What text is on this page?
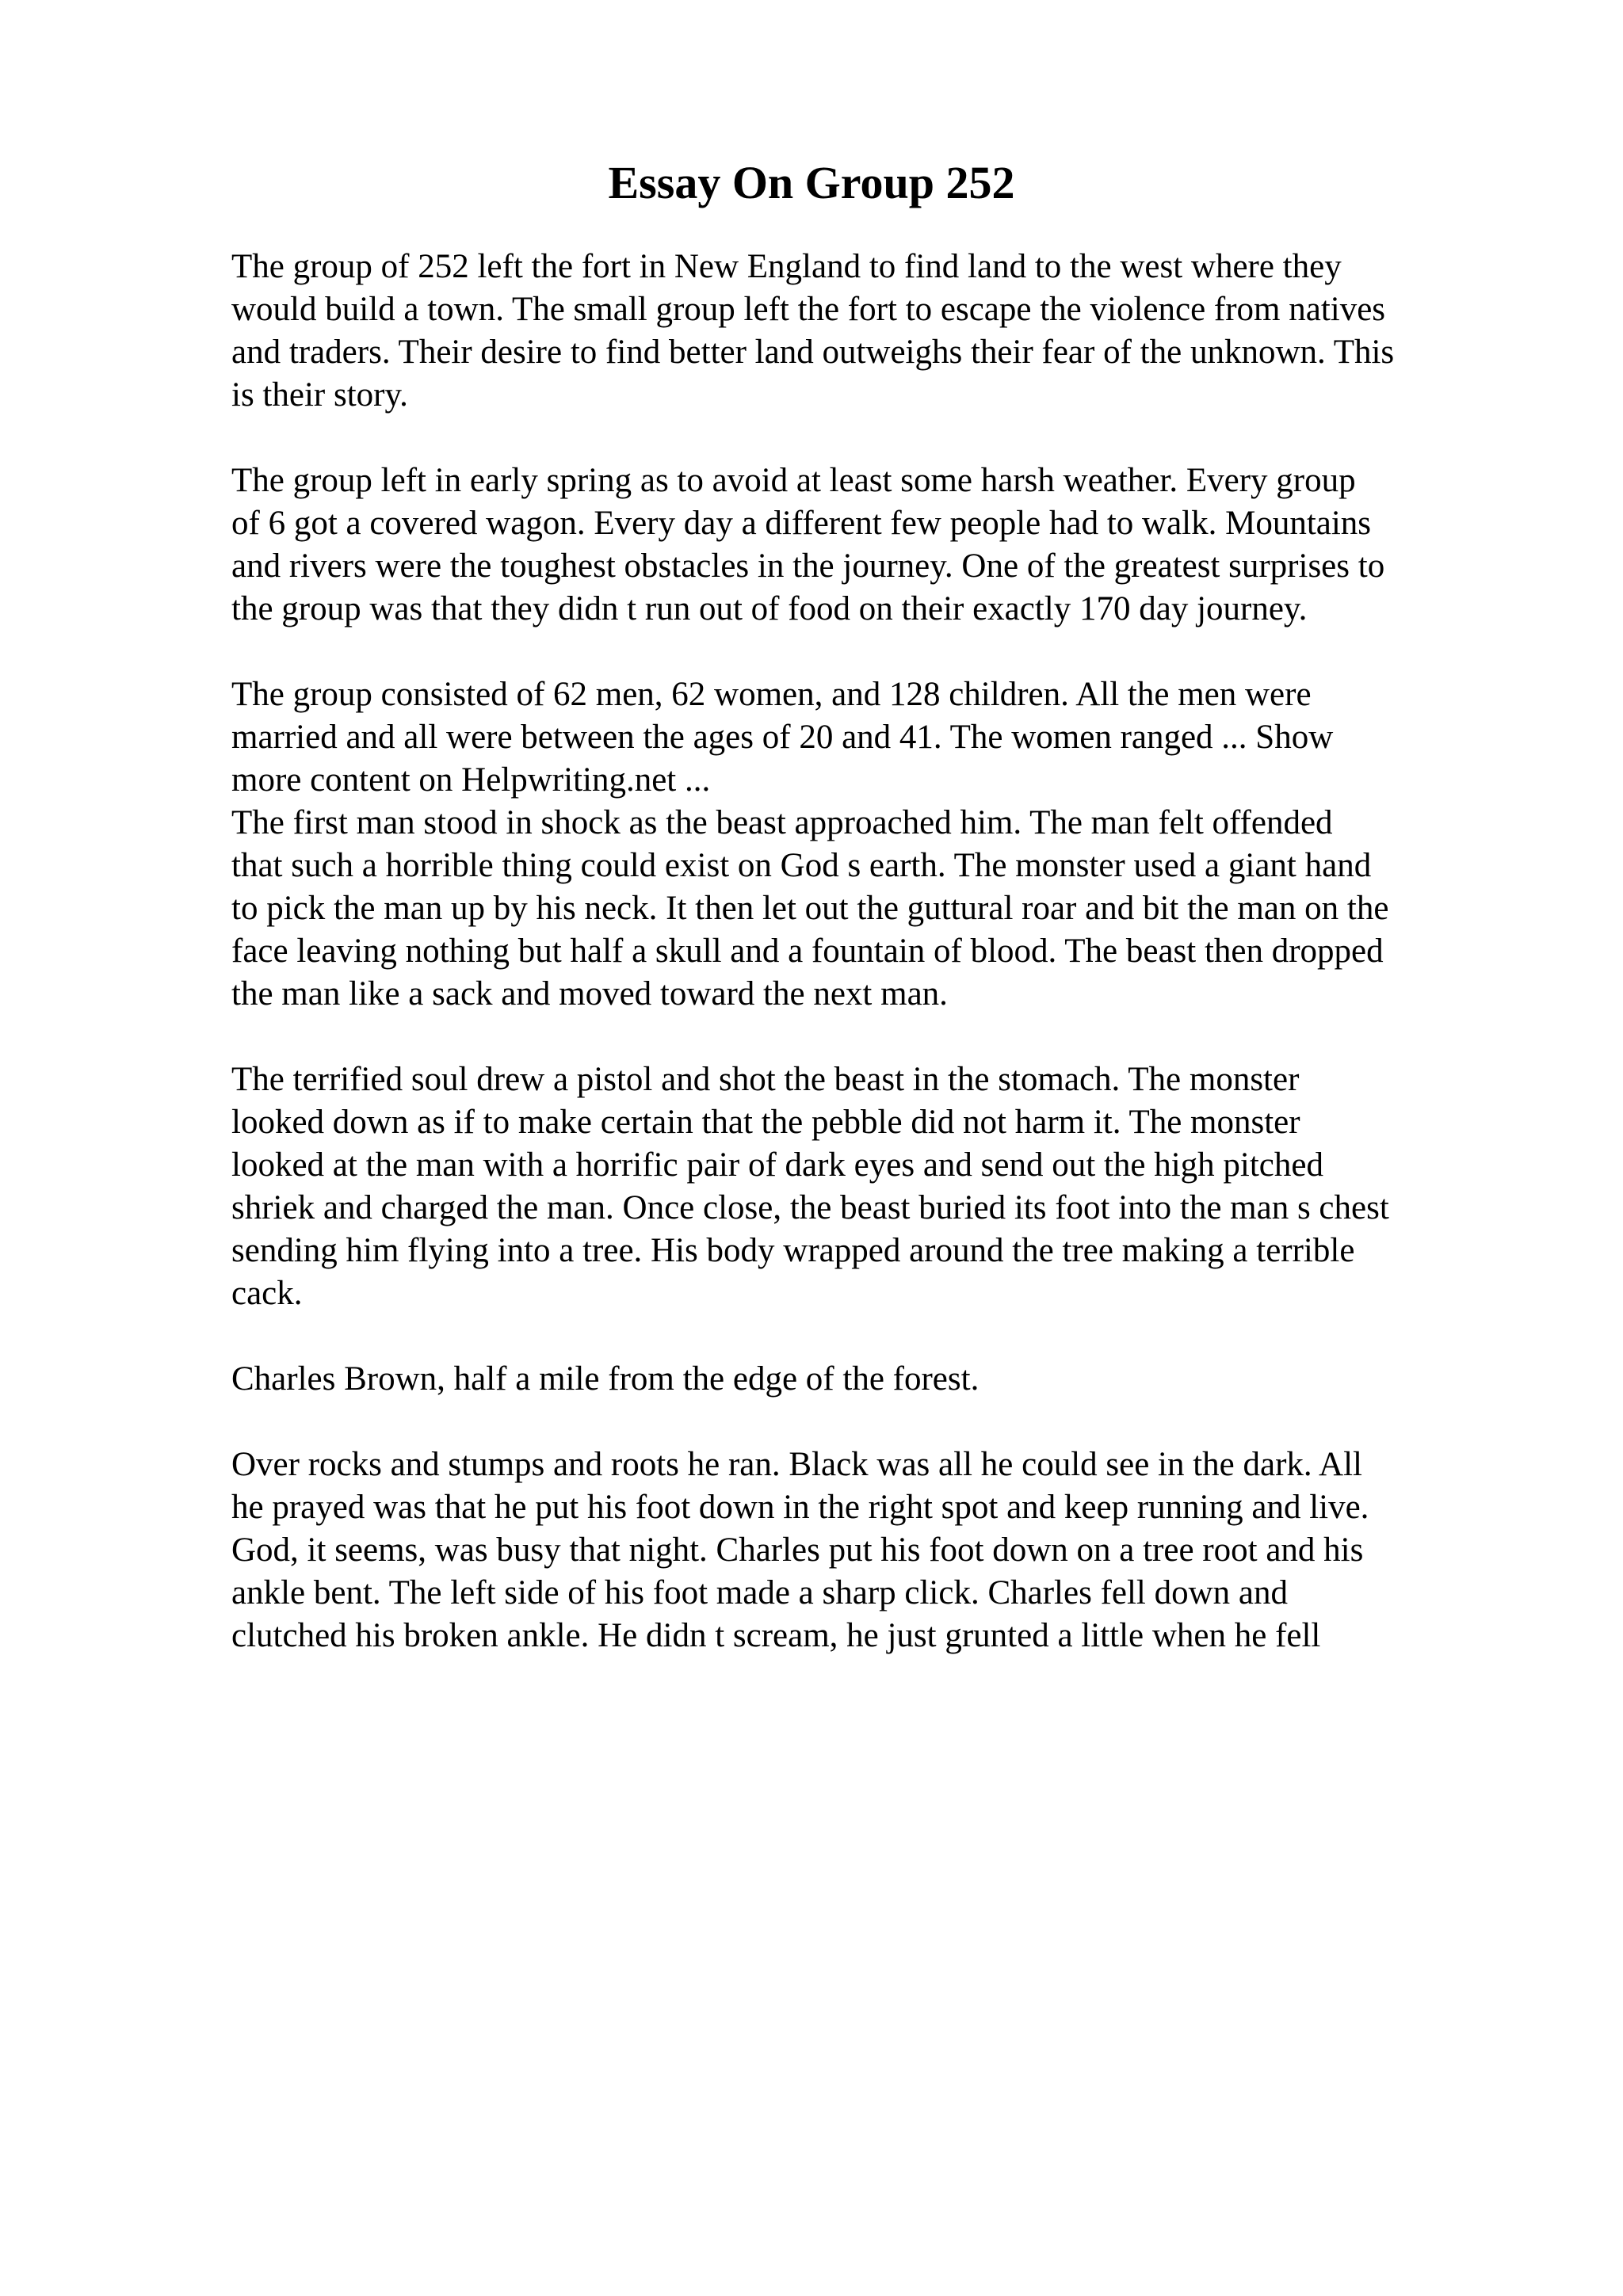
Essay On Group 252

The group of 252 left the fort in New England to find land to the west where they
would build a town. The small group left the fort to escape the violence from natives
and traders. Their desire to find better land outweighs their fear of the unknown. This
is their story.

The group left in early spring as to avoid at least some harsh weather. Every group
of 6 got a covered wagon. Every day a different few people had to walk. Mountains
and rivers were the toughest obstacles in the journey. One of the greatest surprises to
the group was that they didn t run out of food on their exactly 170 day journey.

The group consisted of 62 men, 62 women, and 128 children. All the men were
married and all were between the ages of 20 and 41. The women ranged ... Show
more content on Helpwriting.net ...

The first man stood in shock as the beast approached him. The man felt offended
that such a horrible thing could exist on God s earth. The monster used a giant hand
to pick the man up by his neck. It then let out the guttural roar and bit the man on the
face leaving nothing but half a skull and a fountain of blood. The beast then dropped
the man like a sack and moved toward the next man.

The terrified soul drew a pistol and shot the beast in the stomach. The monster
looked down as if to make certain that the pebble did not harm it. The monster
looked at the man with a horrific pair of dark eyes and send out the high pitched
shriek and charged the man. Once close, the beast buried its foot into the man s chest
sending him flying into a tree. His body wrapped around the tree making a terrible
cack.

Charles Brown, half a mile from the edge of the forest.

Over rocks and stumps and roots he ran. Black was all he could see in the dark. All
he prayed was that he put his foot down in the right spot and keep running and live.
God, it seems, was busy that night. Charles put his foot down on a tree root and his
ankle bent. The left side of his foot made a sharp click. Charles fell down and
clutched his broken ankle. He didn t scream, he just grunted a little when he fell
